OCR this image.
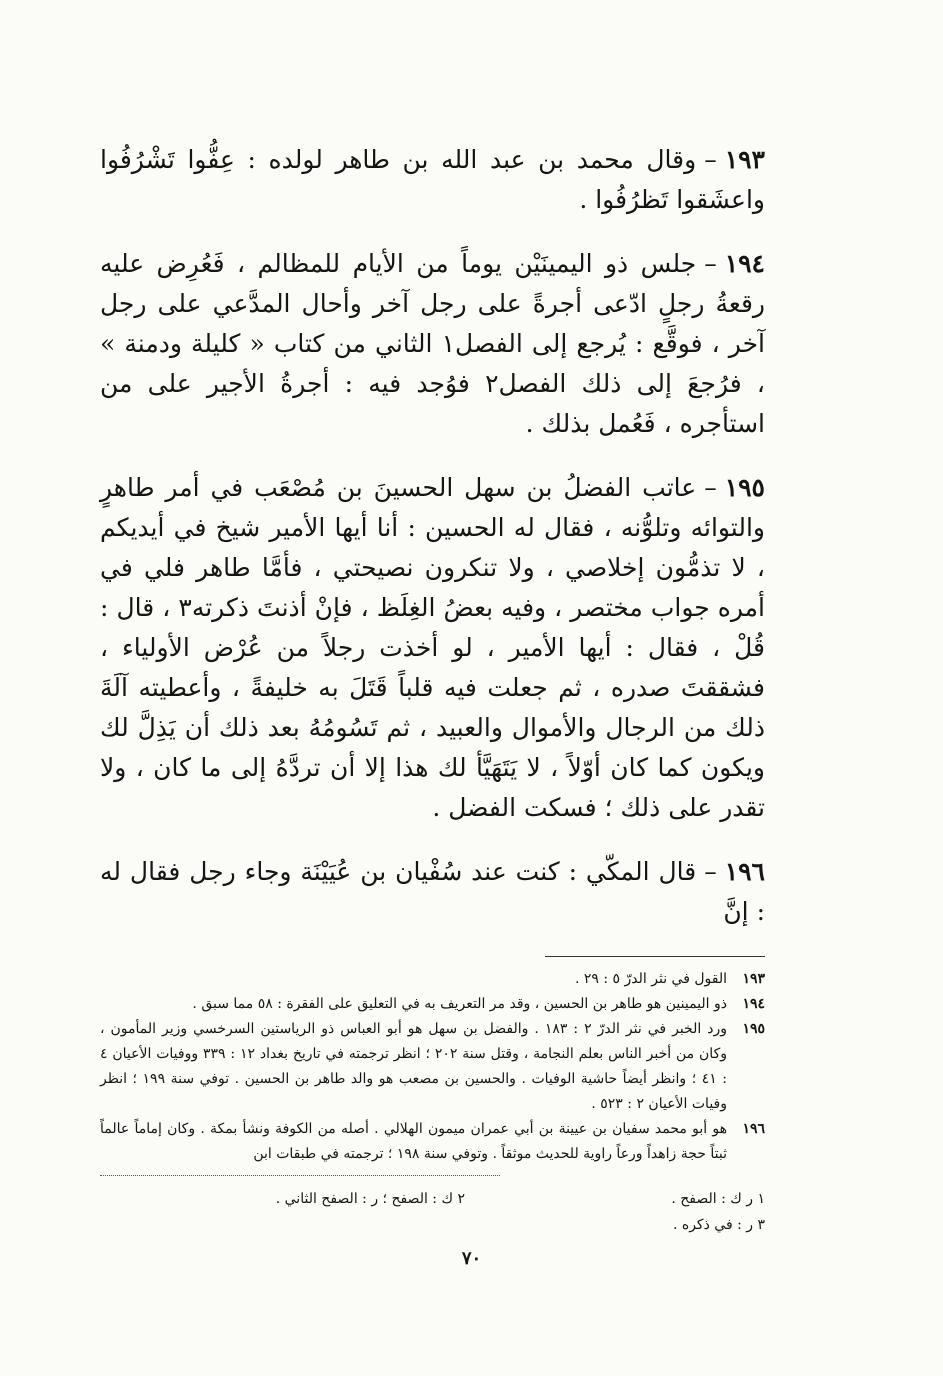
١٩٣–وقال محمد بن عبد الله بن طاهر لولده : عِفُّوا تَشْرُفُوا واعشَقوا تَظرُفُوا .

١٩٤–جلس ذو اليمينَيْن يوماً من الأيام للمظالم ، فَعُرِض عليه رقعةُ رجلٍ ادّعى أجرةً على رجل آخر وأحال المدَّعي على رجل آخر ، فوقَّع : يُرجع إلى الفصل١ الثاني من كتاب « كليلة ودمنة » ، فرُجعَ إلى ذلك الفصل٢ فوُجد فيه : أجرةُ الأجير على من استأجره ، فَعُمل بذلك .

١٩٥–عاتب الفضلُ بن سهل الحسينَ بن مُصْعَب في أمر طاهرٍ والتوائه وتلوُّنه ، فقال له الحسين : أنا أيها الأمير شيخ في أيديكم ، لا تذمُّون إخلاصي ، ولا تنكرون نصيحتي ، فأمَّا طاهر فلي في أمره جواب مختصر ، وفيه بعضُ الغِلَظ ، فإنْ أذنتَ ذكرته٣ ، قال : قُلْ ، فقال : أيها الأمير ، لو أخذت رجلاً من عُرْض الأولياء ، فشققتَ صدره ، ثم جعلت فيه قلباً قَتَلَ به خليفةً ، وأعطيته آلَةَ ذلك من الرجال والأموال والعبيد ، ثم تَسُومُهُ بعد ذلك أن يَذِلَّ لك ويكون كما كان أوّلاً ، لا يَتَهَيَّأ لك هذا إلا أن تردَّهُ إلى ما كان ، ولا تقدر على ذلك ؛ فسكت الفضل .

١٩٦–قال المكّي : كنت عند سُفْيان بن عُيَيْنَة وجاء رجل فقال له : إنَّ

١٩٣
القول في نثر الدرّ ٥ : ٢٩ .
١٩٤
ذو اليمينين هو طاهر بن الحسين ، وقد مر التعريف به في التعليق على الفقرة : ٥٨ مما سبق .
١٩٥
ورد الخبر في نثر الدرّ ٢ : ١٨٣ . والفضل بن سهل هو أبو العباس ذو الرياستين السرخسي وزير المأمون ، وكان من أخبر الناس بعلم النجامة ، وقتل سنة ٢٠٢ ؛ انظر ترجمته في تاريخ بغداد ١٢ : ٣٣٩ ووفيات الأعيان ٤ : ٤١ ؛ وانظر أيضاً حاشية الوفيات . والحسين بن مصعب هو والد طاهر بن الحسين . توفي سنة ١٩٩ ؛ انظر وفيات الأعيان ٢ : ٥٢٣ .
١٩٦
هو أبو محمد سفيان بن عيينة بن أبي عمران ميمون الهلالي . أصله من الكوفة ونشأ بمكة . وكان إماماً عالماً ثبتاً حجة زاهداً ورعاً راوية للحديث موثقاً . وتوفي سنة ١٩٨ ؛ ترجمته في طبقات ابن
١ ر ك : الصفح .
٢ ك : الصفح ؛ ر : الصفح الثاني .
٣ ر : في ذكره .
٧٠
